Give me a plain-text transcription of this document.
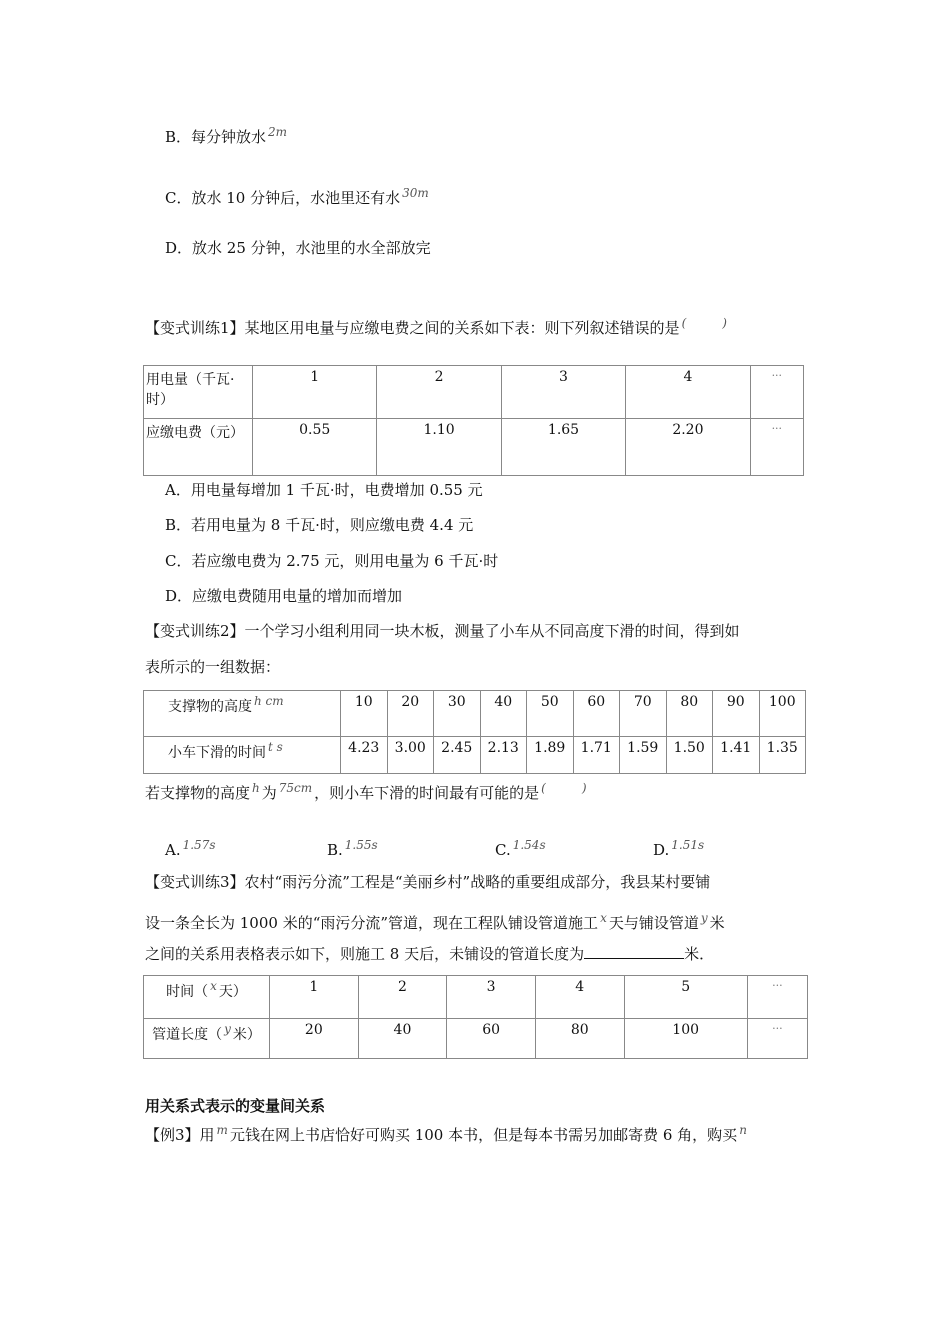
B．每分钟放水 $^{2m}$
C．放水 10 分钟后，水池里还有水 $^{30m}$
D．放水 25 分钟，水池里的水全部放完
【变式训练1】某地区用电量与应缴电费之间的关系如下表：则下列叙述错误的是 (　　　)
用电量（千瓦·时）	1	2	3	4	···
应缴电费（元）	0.55	1.10	1.65	2.20	···
A．用电量每增加 1 千瓦·时，电费增加 0.55 元
B．若用电量为 8 千瓦·时，则应缴电费 4.4 元
C．若应缴电费为 2.75 元，则用电量为 6 千瓦·时
D．应缴电费随用电量的增加而增加
【变式训练2】一个学习小组利用同一块木板，测量了小车从不同高度下滑的时间，得到如
表所示的一组数据：
支撑物的高度 h cm	10	20	30	40	50	60	70	80	90	100
小车下滑的时间 t s	4.23	3.00	2.45	2.13	1.89	1.71	1.59	1.50	1.41	1.35
若支撑物的高度 $^h$ 为 $^{75cm}$ ，则小车下滑的时间最有可能的是 (　　　)
A. $^{1.57s}$	B. $^{1.55s}$	C. $^{1.54s}$	D. $^{1.51s}$
【变式训练3】农村“雨污分流”工程是“美丽乡村”战略的重要组成部分，我县某村要铺
设一条全长为 1000 米的“雨污分流”管道，现在工程队铺设管道施工 $^x$ 天与铺设管道 $^y$ 米
之间的关系用表格表示如下，则施工 8 天后，未铺设的管道长度为	米．
时间（ x 天）	1	2	3	4	5	···
管道长度（ y 米）	20	40	60	80	100	···
用关系式表示的变量间关系
【例3】用 $^m$ 元钱在网上书店恰好可购买 100 本书，但是每本书需另加邮寄费 6 角，购买 $^n$
